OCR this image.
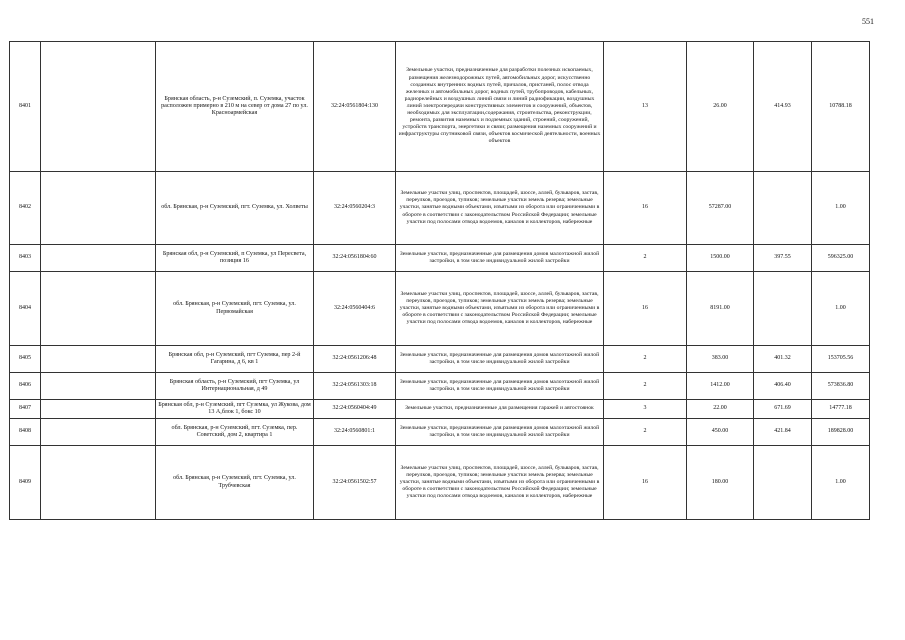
551
8401		Брянская область, р-н Суземский, п. Суземка, участок расположен примерно в 210 м на север от дома 27 по ул. Красноармейская	32:24:0561804:130	Земельные участки, предназначенные для разработки полезных ископаемых, размещения железнодорожных путей, автомобильных дорог, искусственно созданных внутренних водных путей, причалов, пристаней, полос отвода железных и автомобильных дорог, водных путей, трубопроводов, кабельных, радиорелейных и воздушных линий связи и линий радиофикации, воздушных линий электропередачи конструктивных элементов и сооружений, объектов, необходимых для эксплуатации,содержания, строительства, реконструкции, ремонта, развития наземных и подземных зданий, строений, сооружений, устройств транспорта, энергетики и связи; размещения наземных сооружений и инфраструктуры спутниковой связи, объектов космической деятельности, военных объектов	13	26.00	414.93	10788.18
8402		обл. Брянская, р-н Суземский, пгт. Суземка, ул. Холветы	32:24:0560204:3	Земельные участки улиц, проспектов, площадей, шоссе, аллей, бульваров, застав, переулков, проездов, тупиков; земельные участки земель резерва; земельные участки, занятые водными объектами, изъятыми из оборота или ограниченными в обороте в соответствии с законодательством Российской Федерации; земельные участки под полосами отвода водоемов, каналов и коллекторов, набережные	16	57287.00		1.00
8403		Брянская обл, р-н Суземский, п Суземка, ул Пересвета, позиция 16	32:24:0561804:60	Земельные участки, предназначенные для размещения домов малоэтажной жилой застройки, в том числе индивидуальной жилой застройки	2	1500.00	397.55	596325.00
8404		обл. Брянская, р-н Суземский, пгт. Суземка, ул. Первомайская	32:24:0560404:6	Земельные участки улиц, проспектов, площадей, шоссе, аллей, бульваров, застав, переулков, проездов, тупиков; земельные участки земель резерва; земельные участки, занятые водными объектами, изъятыми из оборота или ограниченными в обороте в соответствии с законодательством Российской Федерации; земельные участки под полосами отвода водоемов, каналов и коллекторов, набережные	16	8191.00		1.00
8405		Брянская обл, р-н Суземский, пгт Суземка, пер 2-й Гагарина, д 6, кв 1	32:24:0561206:48	Земельные участки, предназначенные для размещения домов малоэтажной жилой застройки, в том числе индивидуальной жилой застройки	2	383.00	401.32	153705.56
8406		Брянская область, р-н Суземский, пгт Суземка, ул Интернациональная, д 49	32:24:0561303:18	Земельные участки, предназначенные для размещения домов малоэтажной жилой застройки, в том числе индивидуальной жилой застройки	2	1412.00	406.40	573836.80
8407		Брянская обл, р-н Суземский, пгт Суземка, ул Жукова, дом 13 А,блок 1, бокс 10	32:24:0560404:49	Земельные участки, предназначенные для размещения гаражей и автостоянок	3	22.00	671.69	14777.18
8408		обл. Брянская, р-н Суземский, пгт. Суземка, пер. Советский, дом 2, квартира 1	32:24:0560801:1	Земельные участки, предназначенные для размещения домов малоэтажной жилой застройки, в том числе индивидуальной жилой застройки	2	450.00	421.84	189828.00
8409		обл. Брянская, р-н Суземский, пгт. Суземка, ул. Трубчевская	32:24:0561502:57	Земельные участки улиц, проспектов, площадей, шоссе, аллей, бульваров, застав, переулков, проездов, тупиков; земельные участки земель резерва; земельные участки, занятые водными объектами, изъятыми из оборота или ограниченными в обороте в соответствии с законодательством Российской Федерации; земельные участки под полосами отвода водоемов, каналов и коллекторов, набережные	16	180.00		1.00
